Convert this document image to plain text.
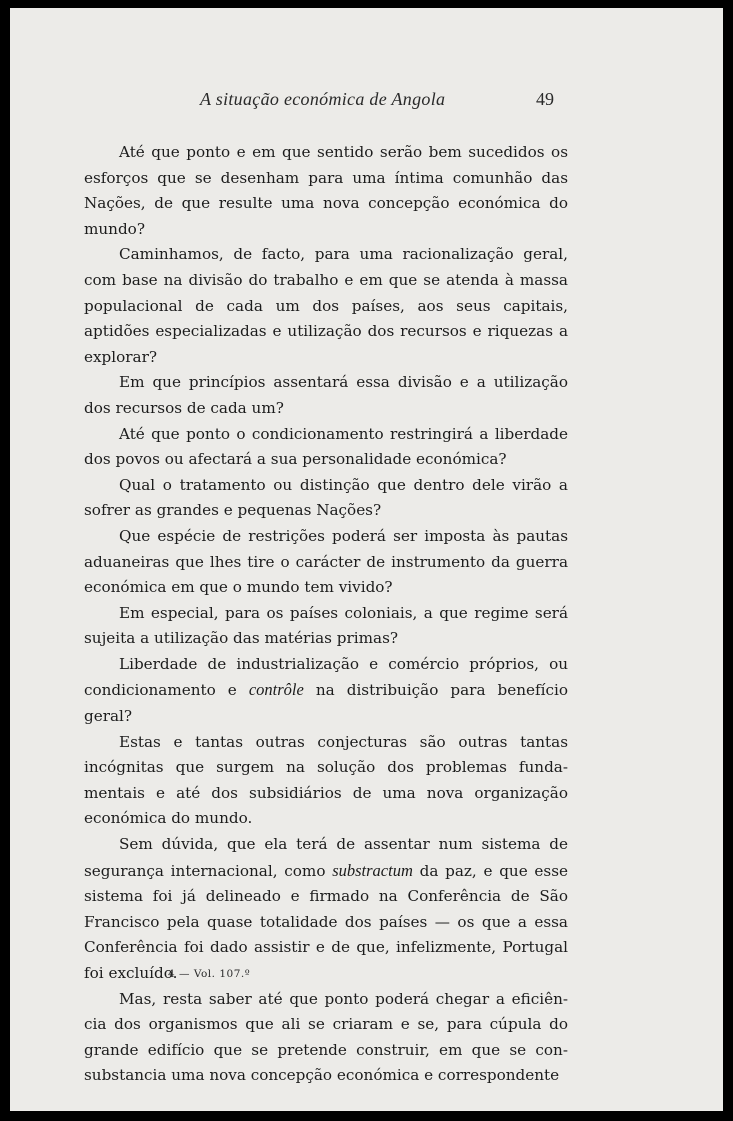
A situação económica de Angola	49

Até que ponto e em que sentido serão bem sucedidos os esforços que se desenham para uma íntima comunhão das Nações, de que resulte uma nova concepção económica do mundo?

Caminhamos, de facto, para uma racionalização geral, com base na divisão do trabalho e em que se atenda à massa populacional de cada um dos países, aos seus capitais, aptidões especializadas e utilização dos recursos e riquezas a explorar?

Em que princípios assentará essa divisão e a utilização dos recursos de cada um?

Até que ponto o condicionamento restringirá a liberdade dos povos ou afectará a sua personalidade económica?

Qual o tratamento ou distinção que dentro dele virão a sofrer as grandes e pequenas Nações?

Que espécie de restrições poderá ser imposta às pautas aduaneiras que lhes tire o carácter de instrumento da guerra económica em que o mundo tem vivido?

Em especial, para os países coloniais, a que regime será sujeita a utilização das matérias primas?

Liberdade de industrialização e comércio próprios, ou condicionamento e contrôle na distribuição para benefício geral?

Estas e tantas outras conjecturas são outras tantas incógnitas que surgem na solução dos problemas fundamentais e até dos subsidiários de uma nova organização económica do mundo.

Sem dúvida, que ela terá de assentar num sistema de segurança internacional, como substractum da paz, e que esse sistema foi já delineado e firmado na Conferência de São Francisco pela quase totalidade dos países — os que a essa Conferência foi dado assistir e de que, infelizmente, Portugal foi excluído.

Mas, resta saber até que ponto poderá chegar a eficiência dos organismos que ali se criaram e se, para cúpula do grande edifício que se pretende construir, em que se consubstancia uma nova concepção económica e correspondente

4 — Vol. 107.º
